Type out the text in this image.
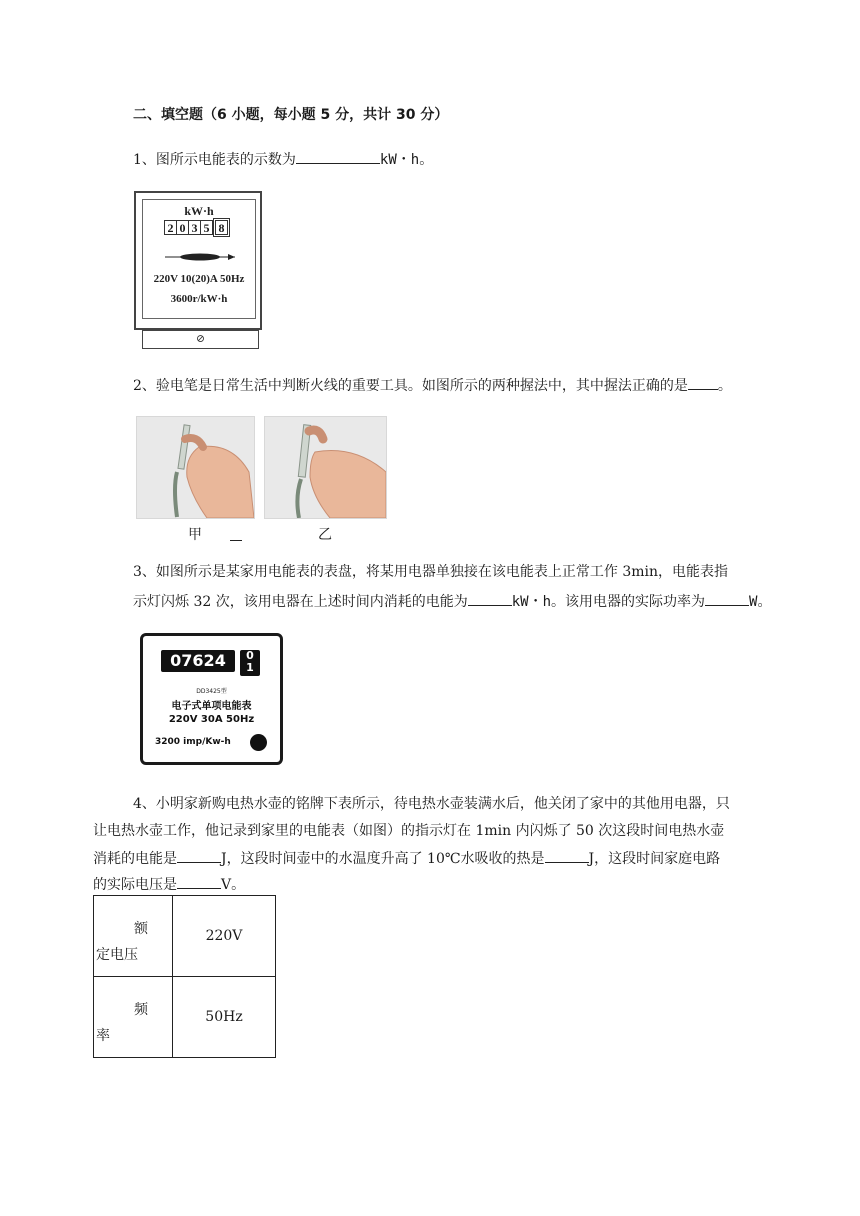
二、填空题（6 小题，每小题 5 分，共计 30 分）
1、图所示电能表的示数为	kW・h。
kW·h
2 0 3 5 8
220V 10(20)A 50Hz
3600r/kW·h
⊘
2、验电笔是日常生活中判断火线的重要工具。如图所示的两种握法中，其中握法正确的是 。
甲	乙
3、如图所示是某家用电能表的表盘，将某用电器单独接在该电能表上正常工作 3min，电能表指
示灯闪烁 32 次，该用电器在上述时间内消耗的电能为	kW・h。该用电器的实际功率为	W。
07624	0
1
DD3425型
电子式单项电能表
220V 30A 50Hz
3200 imp/Kw-h
4、小明家新购电热水壶的铭牌下表所示，待电热水壶装满水后，他关闭了家中的其他用电器，只
让电热水壶工作，他记录到家里的电能表（如图）的指示灯在 1min 内闪烁了 50 次这段时间电热水壶
消耗的电能是	J，这段时间壶中的水温度升高了 10℃水吸收的热是	J，这段时间家庭电路
的实际电压是	V。
额
定电压	220V

频
率	50Hz
